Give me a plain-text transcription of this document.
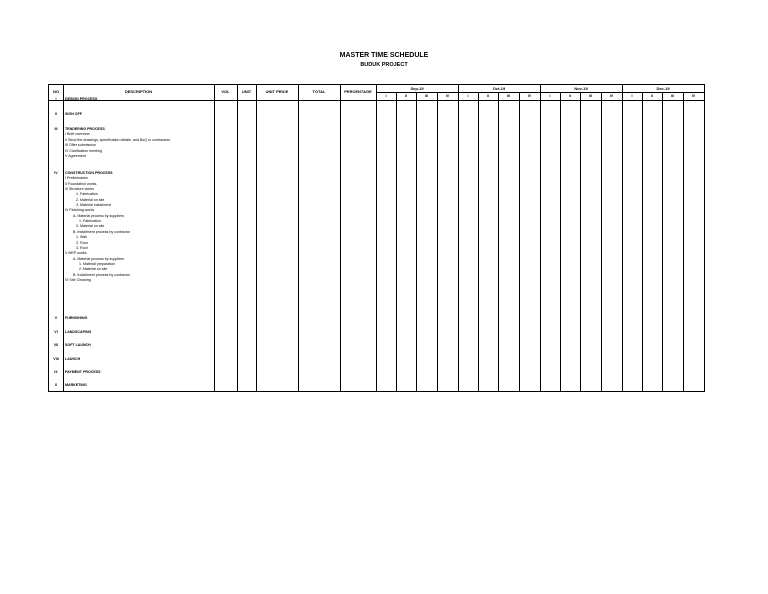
MASTER TIME SCHEDULE
BUDUK PROJECT
NO	DESCRIPTION	VOL	UNIT	UNIT PRICE	TOTAL	PERCENTAGE
Sep-19
I	II	III	IV
Oct-19
I	II	III	IV
Nov-19
I	II	III	IV
Dec-19
I	II	III	IV
I	DESIGN PROCESS
II	SIGN OFF
III	TENDERING PROCESS
I Brief overview
II Send the drawings, specification details, and BoQ to contractors
III Offer submission
IV Clarification meeting
V Agreement
IV	CONSTRUCTION PROCESS
I Preliminaries
II Foundation works
III Structure works
1. Fabrication
2. Material on site
3. Material installment
IV Finishing works
A. Material process by suppliers
1. Fabrication
2. Material on site
B. Installment process by contractor
1. Wall
2. Floor
3. Roof
V MEP works
A. Material process by suppliers
1. Material preparation
2. Material on site
B. Installment process by contractor
VI Site Cleaning
V	FURNISHING
VI	LANDSCAPING
VII	SOFT LAUNCH
VIII	LAUNCH
IX	PAYMENT PROCESS
X	MARKETING
